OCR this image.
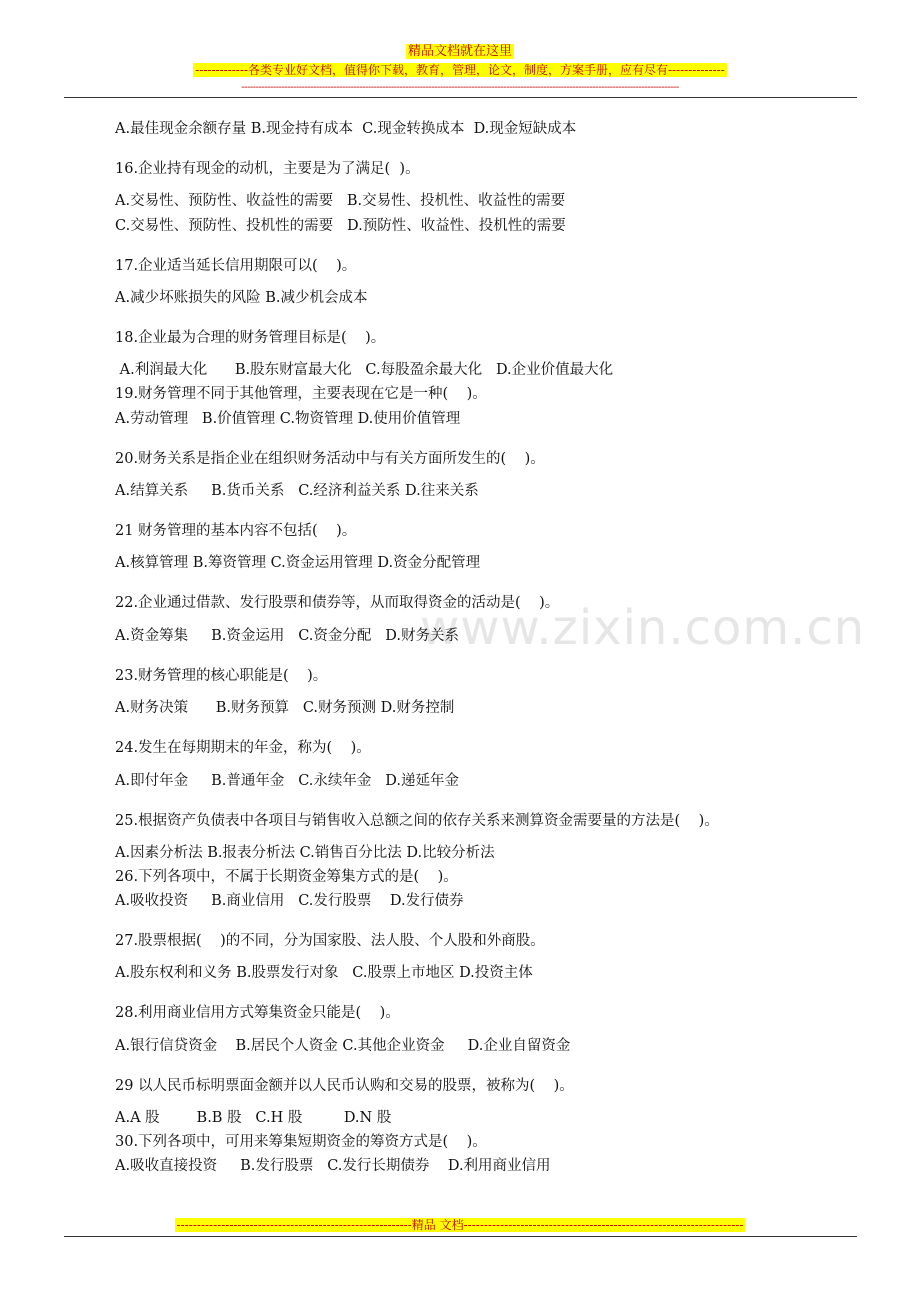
精品文档就在这里
-------------各类专业好文档，值得你下载，教育，管理，论文，制度，方案手册，应有尽有--------------
--------------------------------------------------------------------------------------------------------------------------------------------------------
www.zixin.com.cn
A.最佳现金余额存量 B.现金持有成本  C.现金转换成本  D.现金短缺成本
16.企业持有现金的动机，主要是为了满足(  )。
A.交易性、预防性、收益性的需要   B.交易性、投机性、收益性的需要
C.交易性、预防性、投机性的需要   D.预防性、收益性、投机性的需要
17.企业适当延长信用期限可以(    )。
A.减少坏账损失的风险 B.减少机会成本
18.企业最为合理的财务管理目标是(    )。
A.利润最大化      B.股东财富最大化   C.每股盈余最大化   D.企业价值最大化
19.财务管理不同于其他管理，主要表现在它是一种(    )。
A.劳动管理   B.价值管理 C.物资管理 D.使用价值管理
20.财务关系是指企业在组织财务活动中与有关方面所发生的(    )。
A.结算关系     B.货币关系   C.经济利益关系 D.往来关系
21 财务管理的基本内容不包括(    )。
A.核算管理 B.筹资管理 C.资金运用管理 D.资金分配管理
22.企业通过借款、发行股票和债券等，从而取得资金的活动是(    )。
A.资金筹集     B.资金运用   C.资金分配   D.财务关系
23.财务管理的核心职能是(    )。
A.财务决策      B.财务预算   C.财务预测 D.财务控制
24.发生在每期期末的年金，称为(    )。
A.即付年金     B.普通年金   C.永续年金   D.递延年金
25.根据资产负债表中各项目与销售收入总额之间的依存关系来测算资金需要量的方法是(    )。
A.因素分析法 B.报表分析法 C.销售百分比法 D.比较分析法
26.下列各项中，不属于长期资金筹集方式的是(    )。
A.吸收投资     B.商业信用   C.发行股票    D.发行债券
27.股票根据(    )的不同，分为国家股、法人股、个人股和外商股。
A.股东权利和义务 B.股票发行对象   C.股票上市地区 D.投资主体
28.利用商业信用方式筹集资金只能是(    )。
A.银行信贷资金    B.居民个人资金 C.其他企业资金     D.企业自留资金
29 以人民币标明票面金额并以人民币认购和交易的股票，被称为(    )。
A.A 股        B.B 股   C.H 股         D.N 股
30.下列各项中，可用来筹集短期资金的筹资方式是(    )。
A.吸收直接投资     B.发行股票   C.发行长期债券    D.利用商业信用
----------------------------------------------------------精品 文档---------------------------------------------------------------------
